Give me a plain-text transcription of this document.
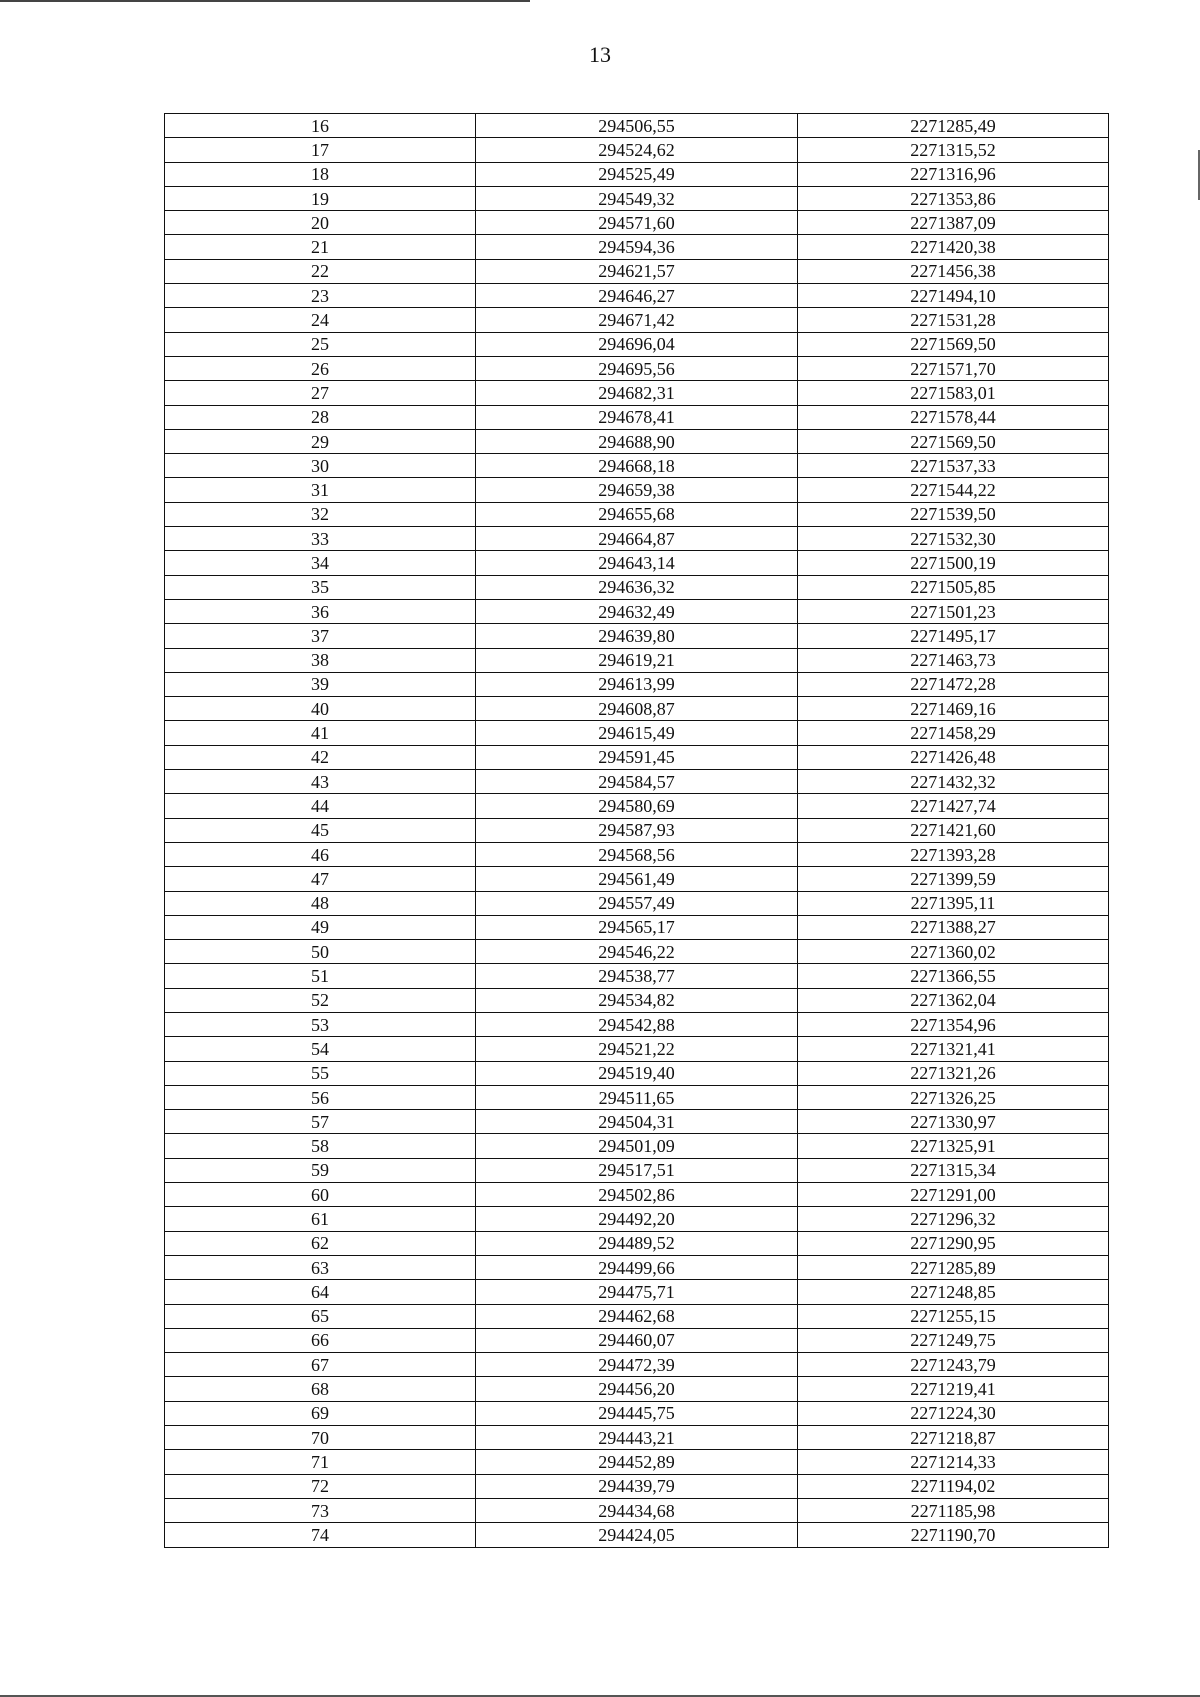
13
16	294506,55	2271285,49
17	294524,62	2271315,52
18	294525,49	2271316,96
19	294549,32	2271353,86
20	294571,60	2271387,09
21	294594,36	2271420,38
22	294621,57	2271456,38
23	294646,27	2271494,10
24	294671,42	2271531,28
25	294696,04	2271569,50
26	294695,56	2271571,70
27	294682,31	2271583,01
28	294678,41	2271578,44
29	294688,90	2271569,50
30	294668,18	2271537,33
31	294659,38	2271544,22
32	294655,68	2271539,50
33	294664,87	2271532,30
34	294643,14	2271500,19
35	294636,32	2271505,85
36	294632,49	2271501,23
37	294639,80	2271495,17
38	294619,21	2271463,73
39	294613,99	2271472,28
40	294608,87	2271469,16
41	294615,49	2271458,29
42	294591,45	2271426,48
43	294584,57	2271432,32
44	294580,69	2271427,74
45	294587,93	2271421,60
46	294568,56	2271393,28
47	294561,49	2271399,59
48	294557,49	2271395,11
49	294565,17	2271388,27
50	294546,22	2271360,02
51	294538,77	2271366,55
52	294534,82	2271362,04
53	294542,88	2271354,96
54	294521,22	2271321,41
55	294519,40	2271321,26
56	294511,65	2271326,25
57	294504,31	2271330,97
58	294501,09	2271325,91
59	294517,51	2271315,34
60	294502,86	2271291,00
61	294492,20	2271296,32
62	294489,52	2271290,95
63	294499,66	2271285,89
64	294475,71	2271248,85
65	294462,68	2271255,15
66	294460,07	2271249,75
67	294472,39	2271243,79
68	294456,20	2271219,41
69	294445,75	2271224,30
70	294443,21	2271218,87
71	294452,89	2271214,33
72	294439,79	2271194,02
73	294434,68	2271185,98
74	294424,05	2271190,70
